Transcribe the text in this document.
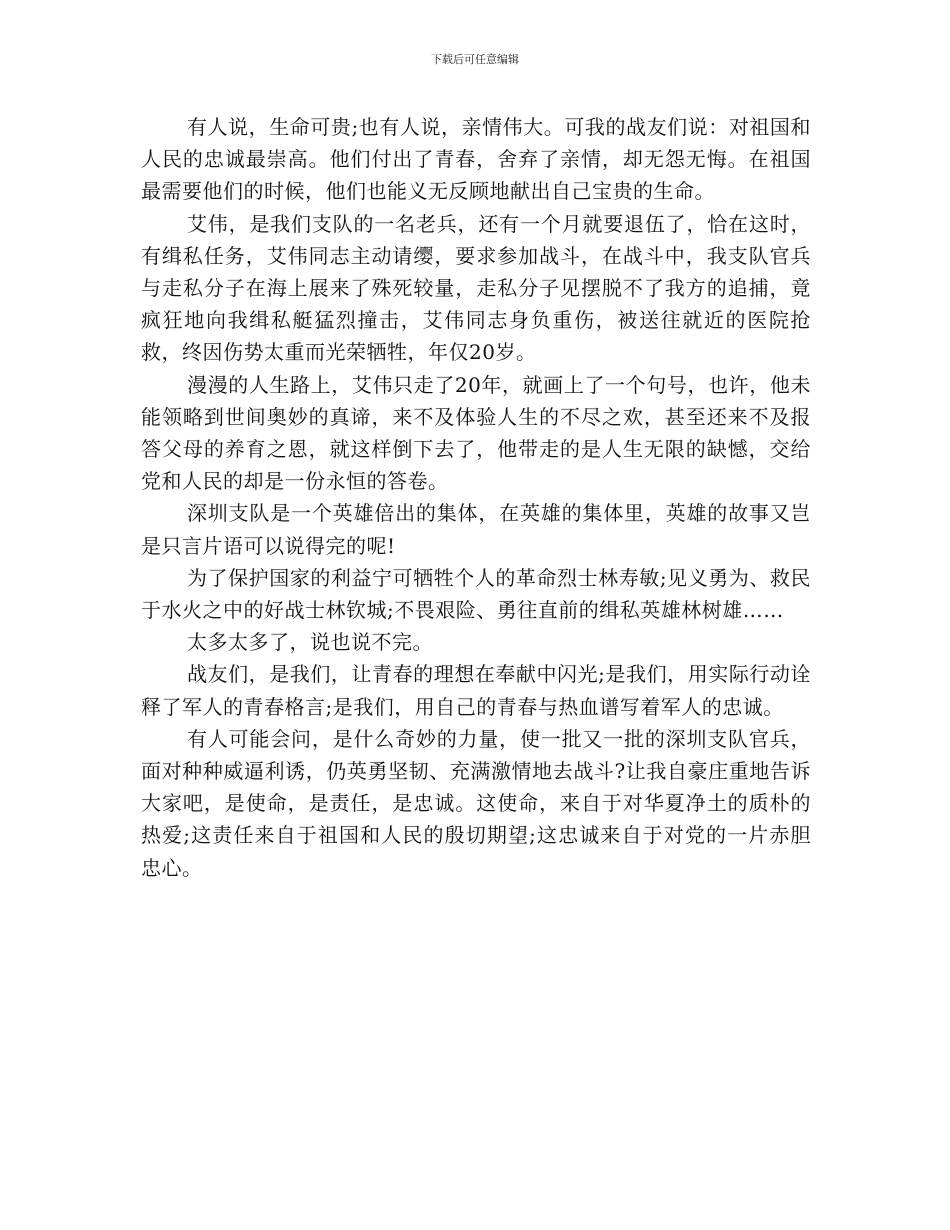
下载后可任意编辑

有人说，生命可贵;也有人说，亲情伟大。可我的战友们说：对祖国和人民的忠诚最崇高。他们付出了青春，舍弃了亲情，却无怨无悔。在祖国最需要他们的时候，他们也能义无反顾地献出自己宝贵的生命。

艾伟，是我们支队的一名老兵，还有一个月就要退伍了，恰在这时，有缉私任务，艾伟同志主动请缨，要求参加战斗，在战斗中，我支队官兵与走私分子在海上展来了殊死较量，走私分子见摆脱不了我方的追捕，竟疯狂地向我缉私艇猛烈撞击，艾伟同志身负重伤，被送往就近的医院抢救，终因伤势太重而光荣牺牲，年仅20岁。

漫漫的人生路上，艾伟只走了20年，就画上了一个句号，也许，他未能领略到世间奥妙的真谛，来不及体验人生的不尽之欢，甚至还来不及报答父母的养育之恩，就这样倒下去了，他带走的是人生无限的缺憾，交给党和人民的却是一份永恒的答卷。

深圳支队是一个英雄倍出的集体，在英雄的集体里，英雄的故事又岂是只言片语可以说得完的呢!

为了保护国家的利益宁可牺牲个人的革命烈士林寿敏;见义勇为、救民于水火之中的好战士林钦城;不畏艰险、勇往直前的缉私英雄林树雄……

太多太多了，说也说不完。

战友们，是我们，让青春的理想在奉献中闪光;是我们，用实际行动诠释了军人的青春格言;是我们，用自己的青春与热血谱写着军人的忠诚。

有人可能会问，是什么奇妙的力量，使一批又一批的深圳支队官兵，面对种种威逼利诱，仍英勇坚韧、充满激情地去战斗?让我自豪庄重地告诉大家吧，是使命，是责任，是忠诚。这使命，来自于对华夏净土的质朴的热爱;这责任来自于祖国和人民的殷切期望;这忠诚来自于对党的一片赤胆忠心。
